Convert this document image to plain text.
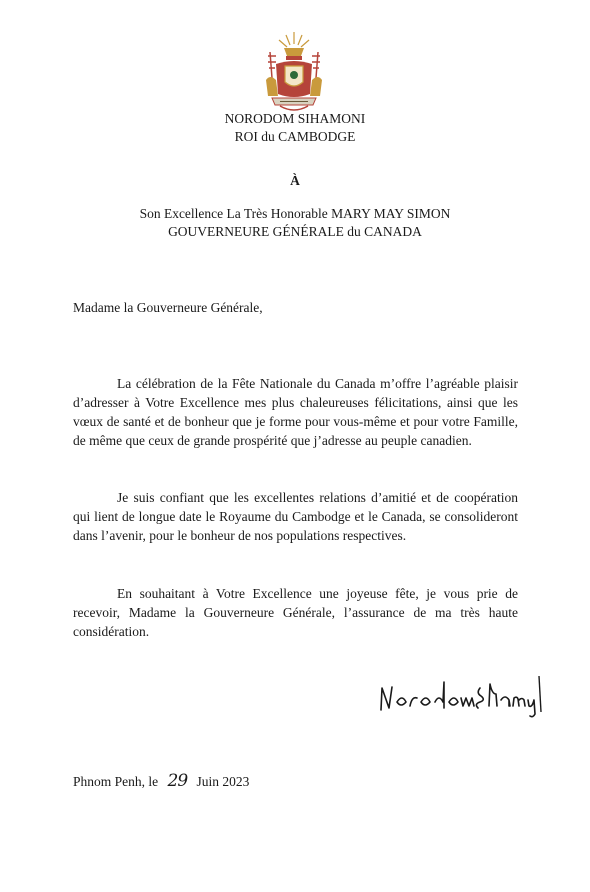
NORODOM SIHAMONI
ROI du CAMBODGE
À
Son Excellence La Très Honorable MARY MAY SIMON
GOUVERNEURE GÉNÉRALE du CANADA
Madame la Gouverneure Générale,

La célébration de la Fête Nationale du Canada m’offre l’agréable plaisir d’adresser à Votre Excellence mes plus chaleureuses félicitations, ainsi que les vœux de santé et de bonheur que je forme pour vous-même et pour votre Famille, de même que ceux de grande prospérité que j’adresse au peuple canadien.

Je suis confiant que les excellentes relations d’amitié et de coopération qui lient de longue date le Royaume du Cambodge et le Canada, se consolideront dans l’avenir, pour le bonheur de nos populations respectives.

En souhaitant à Votre Excellence une joyeuse fête, je vous prie de recevoir, Madame la Gouverneure Générale, l’assurance de ma très haute considération.

Phnom Penh, le 29 Juin 2023
